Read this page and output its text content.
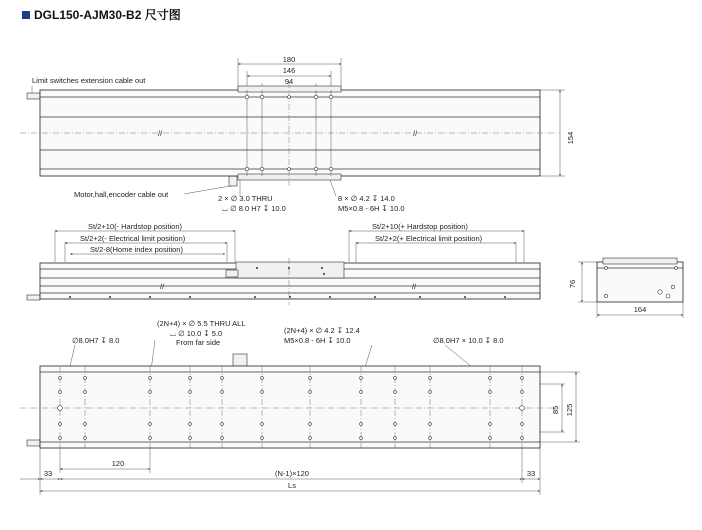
DGL150-AJM30-B2 尺寸图
180
146
94
//	//	154
Limit switches extension cable out
Motor,hall,encoder cable out	2 × ∅ 3.0 THRU
⌴ ∅ 8.0 H7 ↧ 10.0
8 × ∅ 4.2 ↧ 14.0
M5×0.8 - 6H ↧ 10.0
St/2+10(- Hardstop position)
St/2+2(- Electrical limit position)
St/2-8(Home index position)
St/2+10(+ Hardstop position)
St/2+2(+ Electrical limit position)
//	//	76
164
∅8.0H7 ↧ 8.0
(2N+4) × ∅ 5.5 THRU ALL
⌴ ∅ 10.0 ↧ 5.0
From far side
(2N+4) × ∅ 4.2 ↧ 12.4
M5×0.8 - 6H ↧ 10.0	∅8.0H7 × 10.0 ↧ 8.0
85 125
120
33	(N-1)×120	33
Ls
